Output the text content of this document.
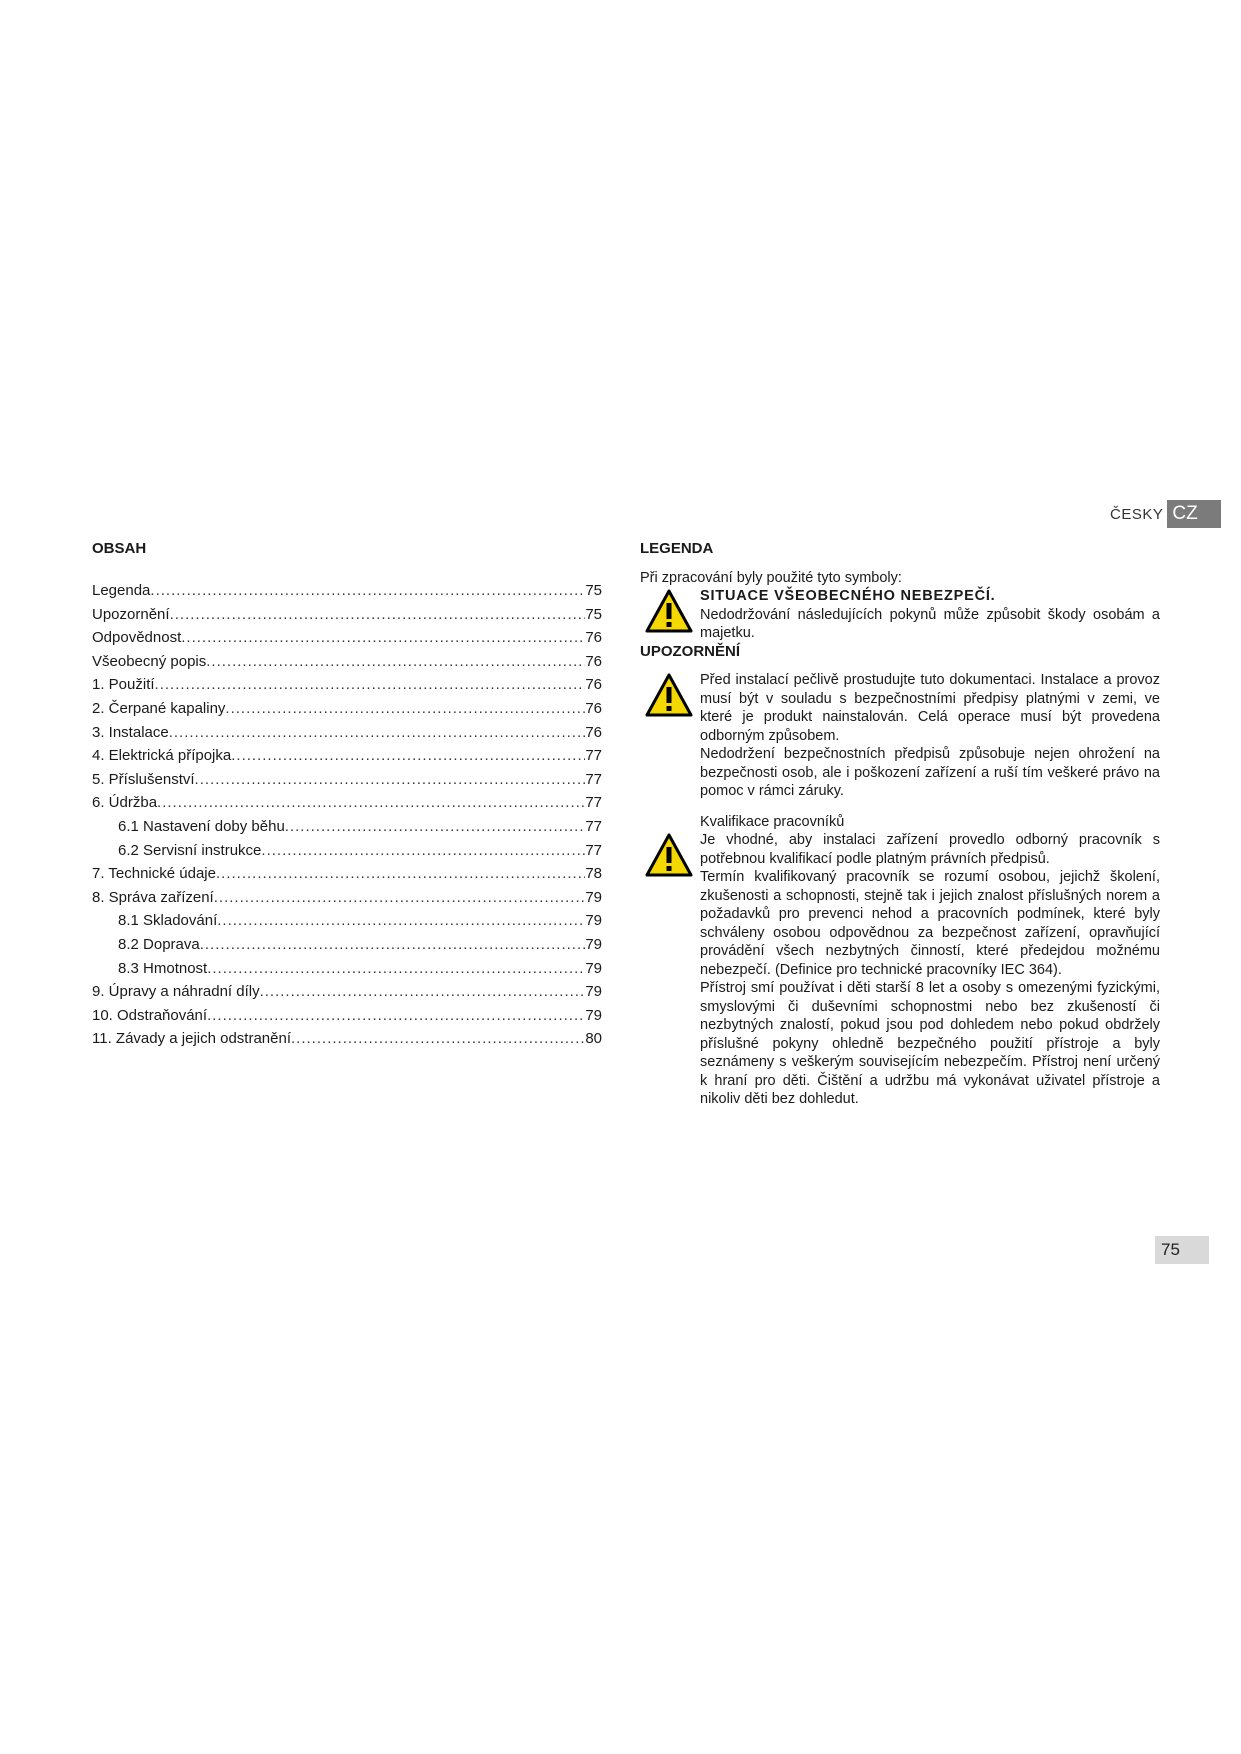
ČESKY CZ
OBSAH
Legenda .....	75
Upozornění .....	75
Odpovědnost .....	76
Všeobecný popis .....	76
1. Použití .....	76
2. Čerpané kapaliny .....	76
3. Instalace .....	76
4. Elektrická přípojka .....	77
5. Příslušenství .....	77
6. Údržba .....	77
6.1 Nastavení doby běhu .....	77
6.2 Servisní instrukce .....	77
7. Technické údaje .....	78
8. Správa zařízení .....	79
8.1 Skladování .....	79
8.2 Doprava .....	79
8.3 Hmotnost .....	79
9. Úpravy a náhradní díly .....	79
10. Odstraňování .....	79
11. Závady a jejich odstranění .....	80
LEGENDA

Při zpracování byly použité tyto symboly:

SITUACE VŠEOBECNÉHO NEBEZPEČÍ.

Nedodržování následujících pokynů může způsobit škody osobám a majetku.

UPOZORNĚNÍ

Před instalací pečlivě prostudujte tuto dokumentaci. Instalace a provoz musí být v souladu s bezpečnostními předpisy platnými v zemi, ve které je produkt nainstalován. Celá operace musí být provedena odborným způsobem.

Nedodržení bezpečnostních předpisů způsobuje nejen ohrožení na bezpečnosti osob, ale i poškození zařízení a ruší tím veškeré právo na pomoc v rámci záruky.

Kvalifikace pracovníků

Je vhodné, aby instalaci zařízení provedlo odborný pracovník s potřebnou kvalifikací podle platným právních předpisů.

Termín kvalifikovaný pracovník se rozumí osobou, jejichž školení, zkušenosti a schopnosti, stejně tak i jejich znalost příslušných norem a požadavků pro prevenci nehod a pracovních podmínek, které byly schváleny osobou odpovědnou za bezpečnost zařízení, opravňující provádění všech nezbytných činností, které předejdou možnému nebezpečí. (Definice pro technické pracovníky IEC 364).

Přístroj smí používat i děti starší 8 let a osoby s omezenými fyzickými, smyslovými či duševními schopnostmi nebo bez zkušeností či nezbytných znalostí, pokud jsou pod dohledem nebo pokud obdržely příslušné pokyny ohledně bezpečného použití přístroje a byly seznámeny s veškerým souvisejícím nebezpečím. Přístroj není určený k hraní pro děti. Čištění a udržbu má vykonávat uživatel přístroje a nikoliv děti bez dohledut.

75
